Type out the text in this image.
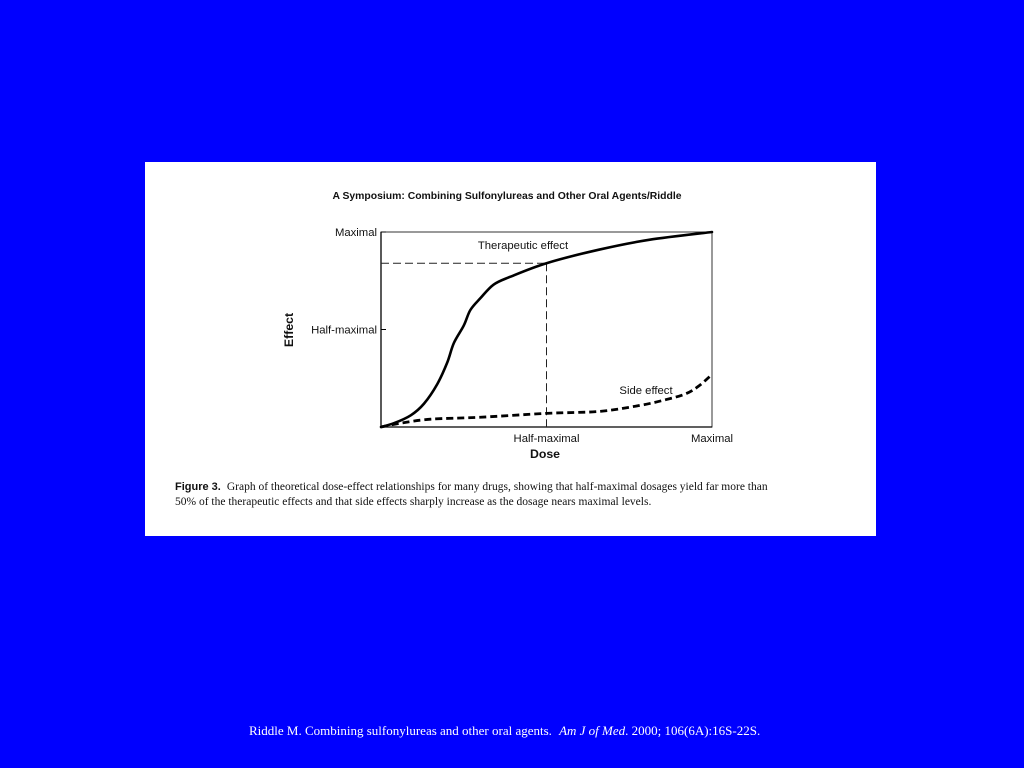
A Symposium: Combining Sulfonylureas and Other Oral Agents/Riddle
Maximal
Half-maximal
Half-maximal	Maximal
Therapeutic effect
Side effect
Effect
Dose
Figure 3. Graph of theoretical dose-effect relationships for many drugs, showing that half-maximal dosages yield far more than
50% of the therapeutic effects and that side effects sharply increase as the dosage nears maximal levels.
Riddle M. Combining sulfonylureas and other oral agents. Am J of Med. 2000; 106(6A):16S-22S.
